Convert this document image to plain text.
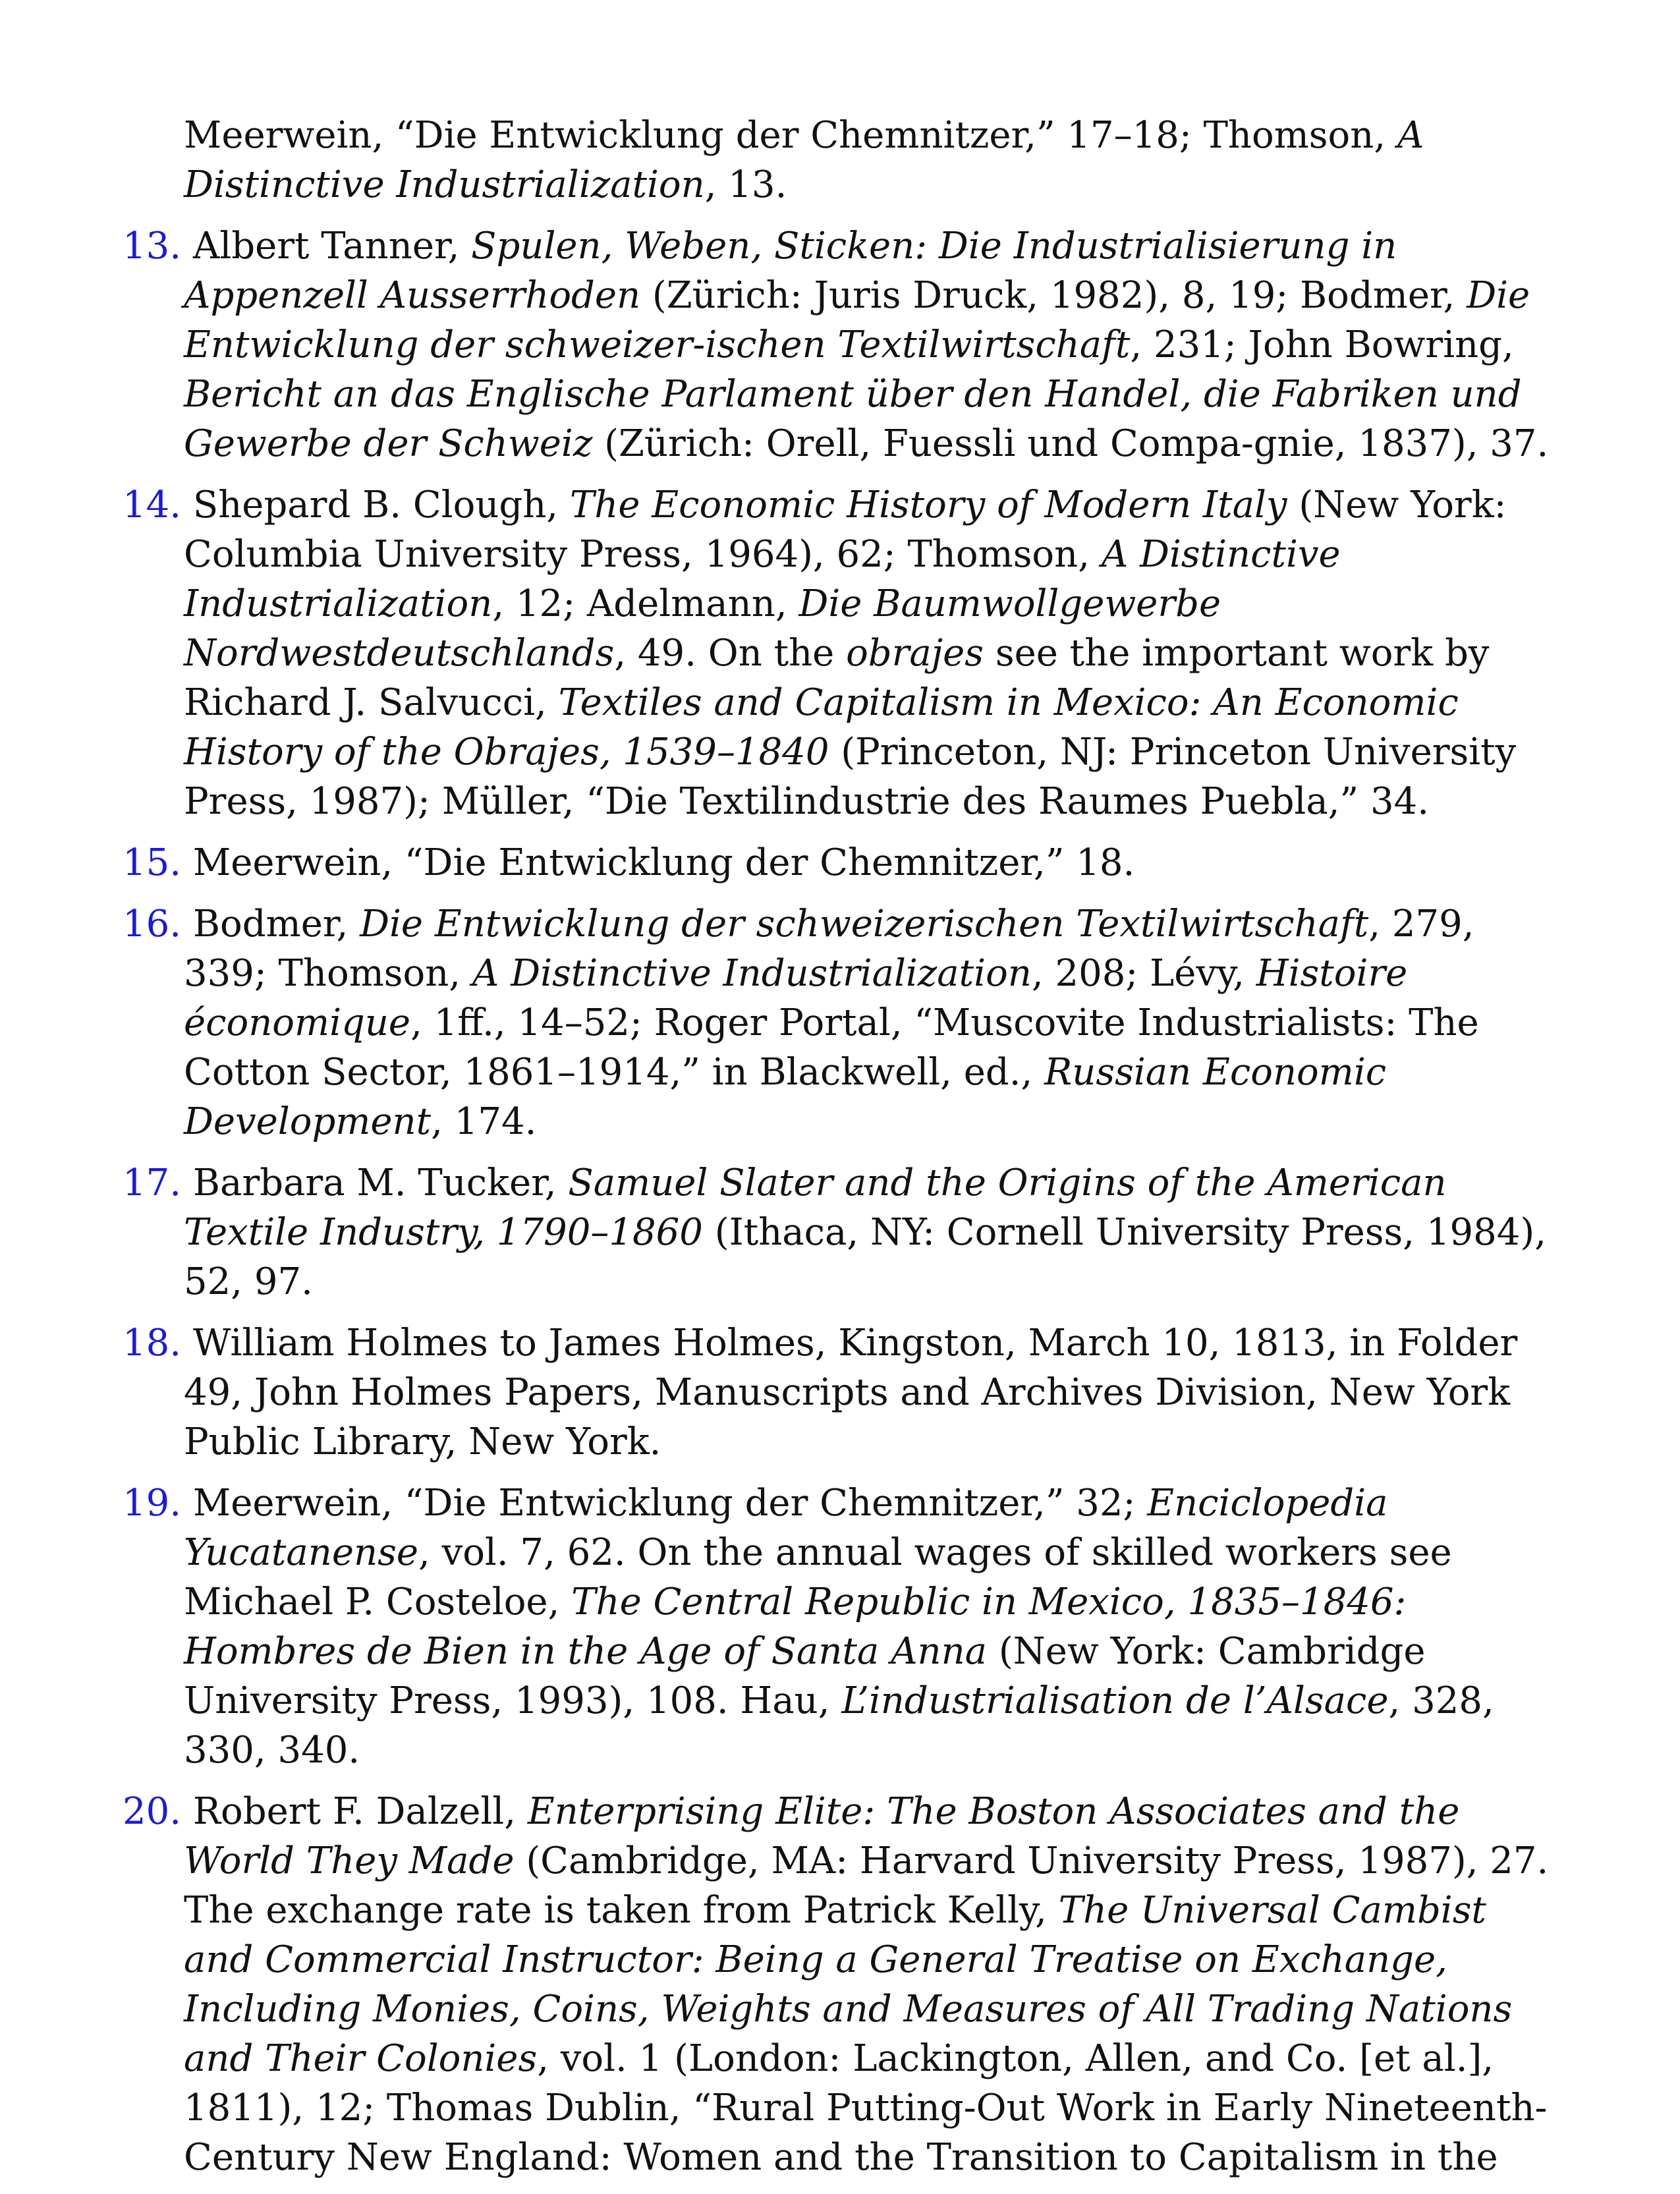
Meerwein, “Die Entwicklung der Chemnitzer,” 17–18; Thomson, A Distinctive Industrialization, 13.

13. Albert Tanner, Spulen, Weben, Sticken: Die Industrialisierung in Appenzell Ausserrhoden (Zürich: Juris Druck, 1982), 8, 19; Bodmer, Die Entwicklung der schweizer-ischen Textilwirtschaft, 231; John Bowring, Bericht an das Englische Parlament über den Handel, die Fabriken und Gewerbe der Schweiz (Zürich: Orell, Fuessli und Compa-gnie, 1837), 37.

14. Shepard B. Clough, The Economic History of Modern Italy (New York: Columbia University Press, 1964), 62; Thomson, A Distinctive Industrialization, 12; Adelmann, Die Baumwollgewerbe Nordwestdeutschlands, 49. On the obrajes see the important work by Richard J. Salvucci, Textiles and Capitalism in Mexico: An Economic History of the Obrajes, 1539–1840 (Princeton, NJ: Princeton University Press, 1987); Müller, “Die Textilindustrie des Raumes Puebla,” 34.

15. Meerwein, “Die Entwicklung der Chemnitzer,” 18.

16. Bodmer, Die Entwicklung der schweizerischen Textilwirtschaft, 279, 339; Thomson, A Distinctive Industrialization, 208; Lévy, Histoire économique, 1ff., 14–52; Roger Portal, “Muscovite Industrialists: The Cotton Sector, 1861–1914,” in Blackwell, ed., Russian Economic Development, 174.

17. Barbara M. Tucker, Samuel Slater and the Origins of the American Textile Industry, 1790–1860 (Ithaca, NY: Cornell University Press, 1984), 52, 97.

18. William Holmes to James Holmes, Kingston, March 10, 1813, in Folder 49, John Holmes Papers, Manuscripts and Archives Division, New York Public Library, New York.

19. Meerwein, “Die Entwicklung der Chemnitzer,” 32; Enciclopedia Yucatanense, vol. 7, 62. On the annual wages of skilled workers see Michael P. Costeloe, The Central Republic in Mexico, 1835–1846: Hombres de Bien in the Age of Santa Anna (New York: Cambridge University Press, 1993), 108. Hau, L’industrialisation de l’Alsace, 328, 330, 340.

20. Robert F. Dalzell, Enterprising Elite: The Boston Associates and the World They Made (Cambridge, MA: Harvard University Press, 1987), 27. The exchange rate is taken from Patrick Kelly, The Universal Cambist and Commercial Instructor: Being a General Treatise on Exchange, Including Monies, Coins, Weights and Measures of All Trading Nations and Their Colonies, vol. 1 (London: Lackington, Allen, and Co. [et al.], 1811), 12; Thomas Dublin, “Rural Putting-Out Work in Early Nineteenth-Century New England: Women and the Transition to Capitalism in the
